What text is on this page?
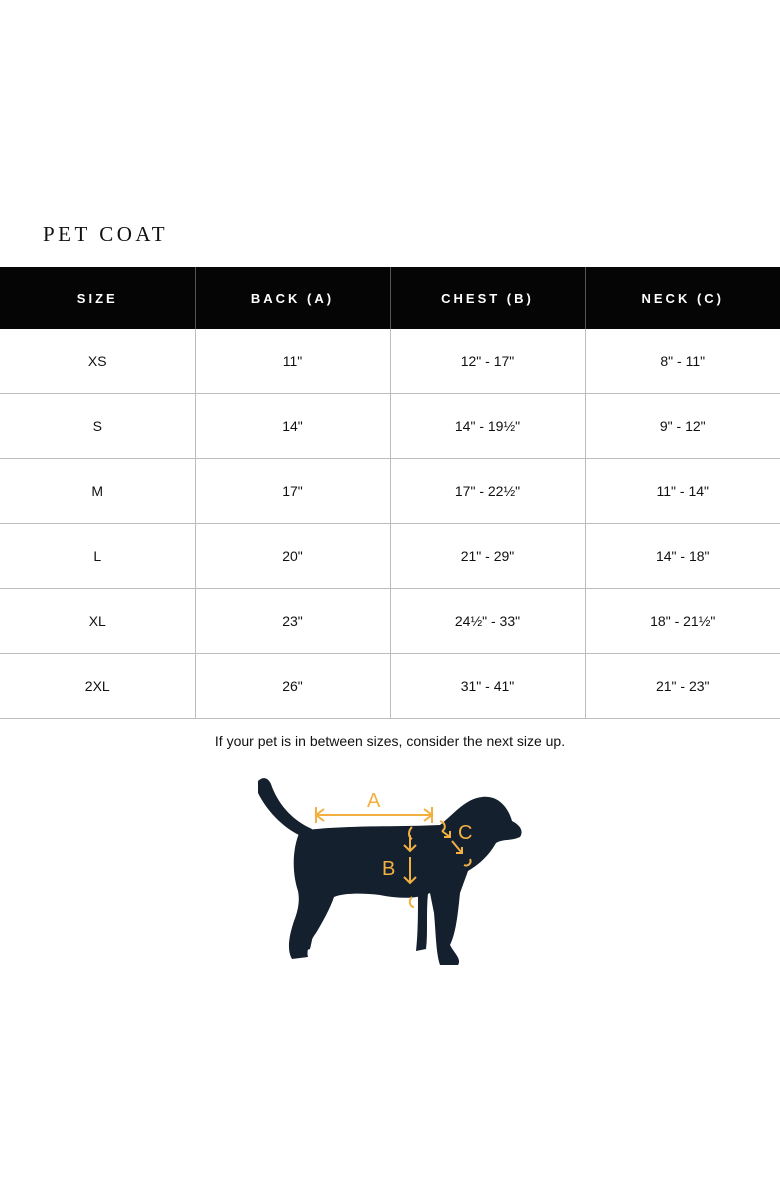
PET COAT
SIZE	BACK (A)	CHEST (B)	NECK (C)
XS	11"	12" - 17"	8" - 11"
S	14"	14" - 19½"	9" - 12"
M	17"	17" - 22½"	11" - 14"
L	20"	21" - 29"	14" - 18"
XL	23"	24½" - 33"	18" - 21½"
2XL	26"	31" - 41"	21" - 23"
If your pet is in between sizes, consider the next size up.
A
B
C
